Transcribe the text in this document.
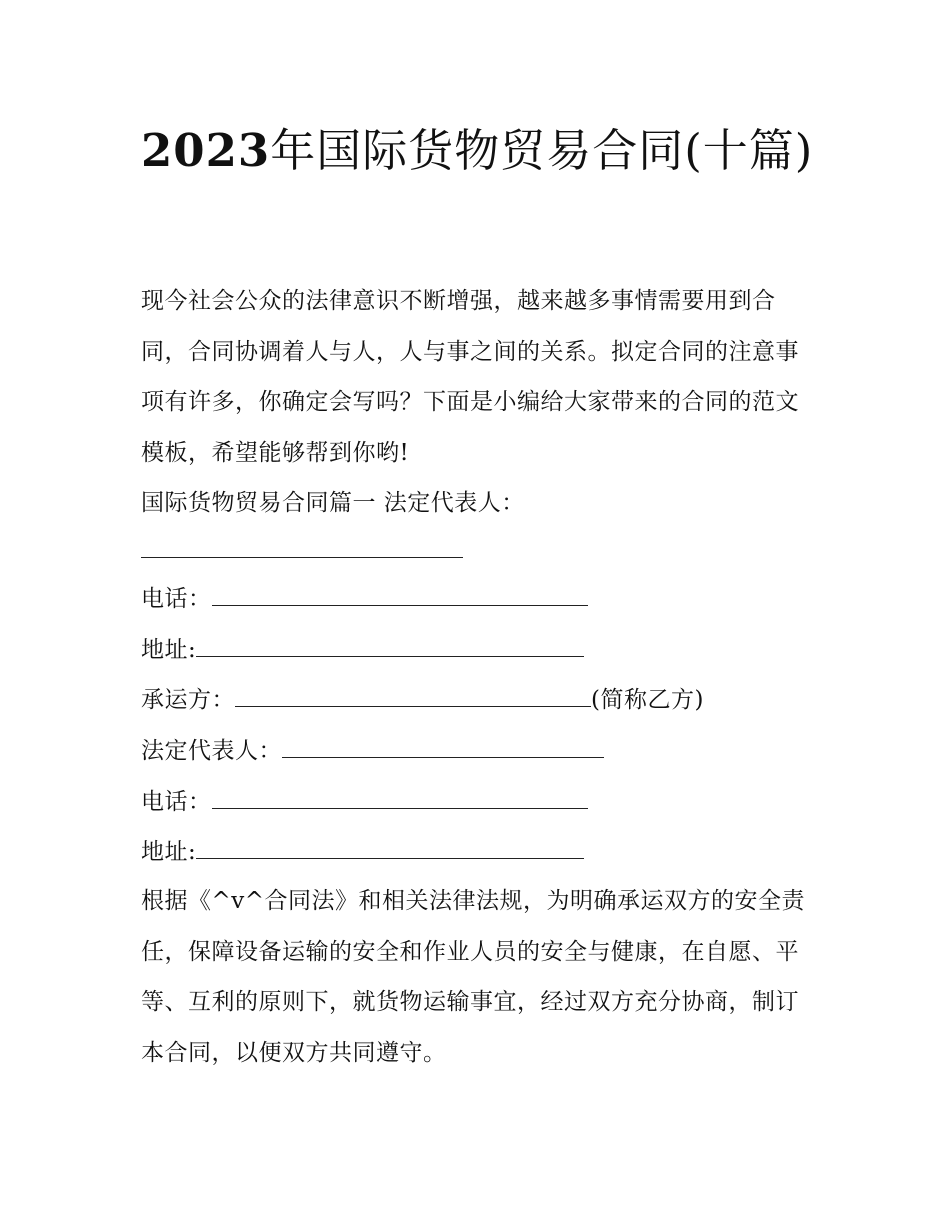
2023年国际货物贸易合同(十篇)

现今社会公众的法律意识不断增强，越来越多事情需要用到合同，合同协调着人与人，人与事之间的关系。拟定合同的注意事项有许多，你确定会写吗？下面是小编给大家带来的合同的范文模板，希望能够帮到你哟!

国际货物贸易合同篇一 法定代表人：

电话：

地址:

承运方：	(简称乙方)

法定代表人：

电话：

地址:

根据《^v^合同法》和相关法律法规，为明确承运双方的安全责任，保障设备运输的安全和作业人员的安全与健康，在自愿、平等、互利的原则下，就货物运输事宜，经过双方充分协商，制订本合同，以便双方共同遵守。
